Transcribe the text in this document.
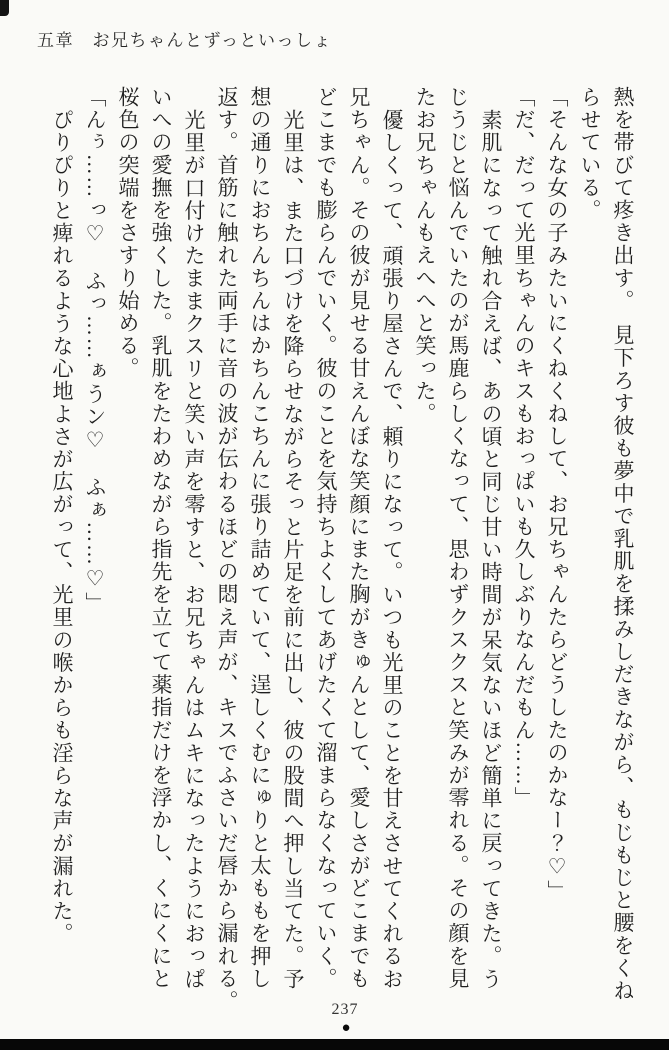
五章　お兄ちゃんとずっといっしょ
熱を帯びて疼き出す。　見下ろす彼も夢中で乳肌を揉みしだきながら、もじもじと腰をくね
らせている。
「そんな女の子みたいにくねくねして、お兄ちゃんたらどうしたのかなー？♡」
「だ、だって光里ちゃんのキスもおっぱいも久しぶりなんだもん……」
素肌になって触れ合えば、あの頃と同じ甘い時間が呆気ないほど簡単に戻ってきた。う
じうじと悩んでいたのが馬鹿らしくなって、思わずクスクスと笑みが零れる。その顔を見
たお兄ちゃんもえへへと笑った。
優しくって、頑張り屋さんで、頼りになって。いつも光里のことを甘えさせてくれるお
兄ちゃん。その彼が見せる甘えんぼな笑顔にまた胸がきゅんとして、愛しさがどこまでも
どこまでも膨らんでいく。彼のことを気持ちよくしてあげたくて溜まらなくなっていく。
光里は、また口づけを降らせながらそっと片足を前に出し、彼の股間へ押し当てた。予
想の通りにおちんちんはかちんこちんに張り詰めていて、逞しくむにゅりと太ももを押し
返す。首筋に触れた両手に音の波が伝わるほどの悶え声が、キスでふさいだ唇から漏れる。
光里が口付けたままクスリと笑い声を零すと、お兄ちゃんはムキになったようにおっぱ
いへの愛撫を強くした。乳肌をたわめながら指先を立てて薬指だけを浮かし、くにくにと
桜色の突端をさすり始める。
「んぅ……っ♡　ふっ……ぁうン♡　ふぁ……♡」
ぴりぴりと痺れるような心地よさが広がって、光里の喉からも淫らな声が漏れた。
237
●
